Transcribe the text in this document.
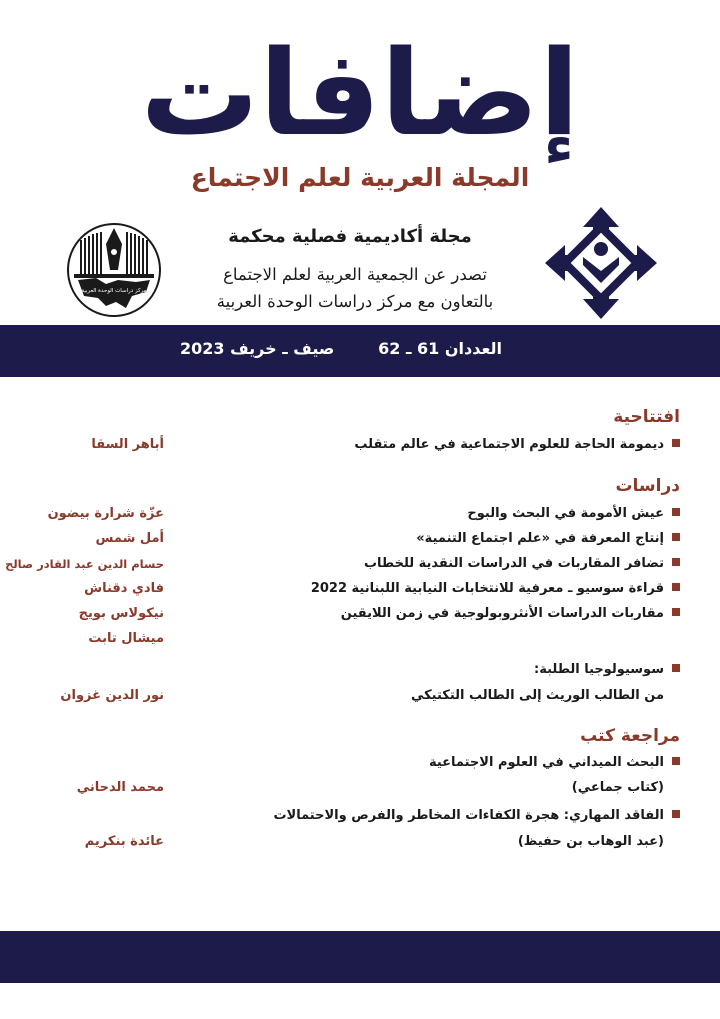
إضافات
المجلة العربية لعلم الاجتماع
مركز دراسات الوحدة العربية
مجلة أكاديمية فصلية محكمة
تصدر عن الجمعية العربية لعلم الاجتماع
بالتعاون مع مركز دراسات الوحدة العربية
العددان 61 ـ 62
صيف ـ خريف 2023
افتتاحية
ديمومة الحاجة للعلوم الاجتماعية في عالم متقلب
أباهر السقا
دراسات
عيش الأمومة في البحث والبوح
عزّة شرارة بيضون
إنتاج المعرفة في «علم اجتماع التنمية»
أمل شمس
تضافر المقاربات في الدراسات النقدية للخطاب
حسام الدين عبد القادر صالح
قراءة سوسيو ـ معرفية للانتخابات النيابية اللبنانية 2022
فادي دقناش
مقاربات الدراسات الأنثروبولوجية في زمن اللايقين
نيكولاس بويج
ميشال تابت
سوسيولوجيا الطلبة:
من الطالب الوريث إلى الطالب التكتيكي
نور الدين غزوان
مراجعة كتب
البحث الميداني في العلوم الاجتماعية
(كتاب جماعي)
محمد الدحاني
الفاقد المهاري: هجرة الكفاءات المخاطر والفرص والاحتمالات
(عبد الوهاب بن حفيظ)
عائدة بنكريم
